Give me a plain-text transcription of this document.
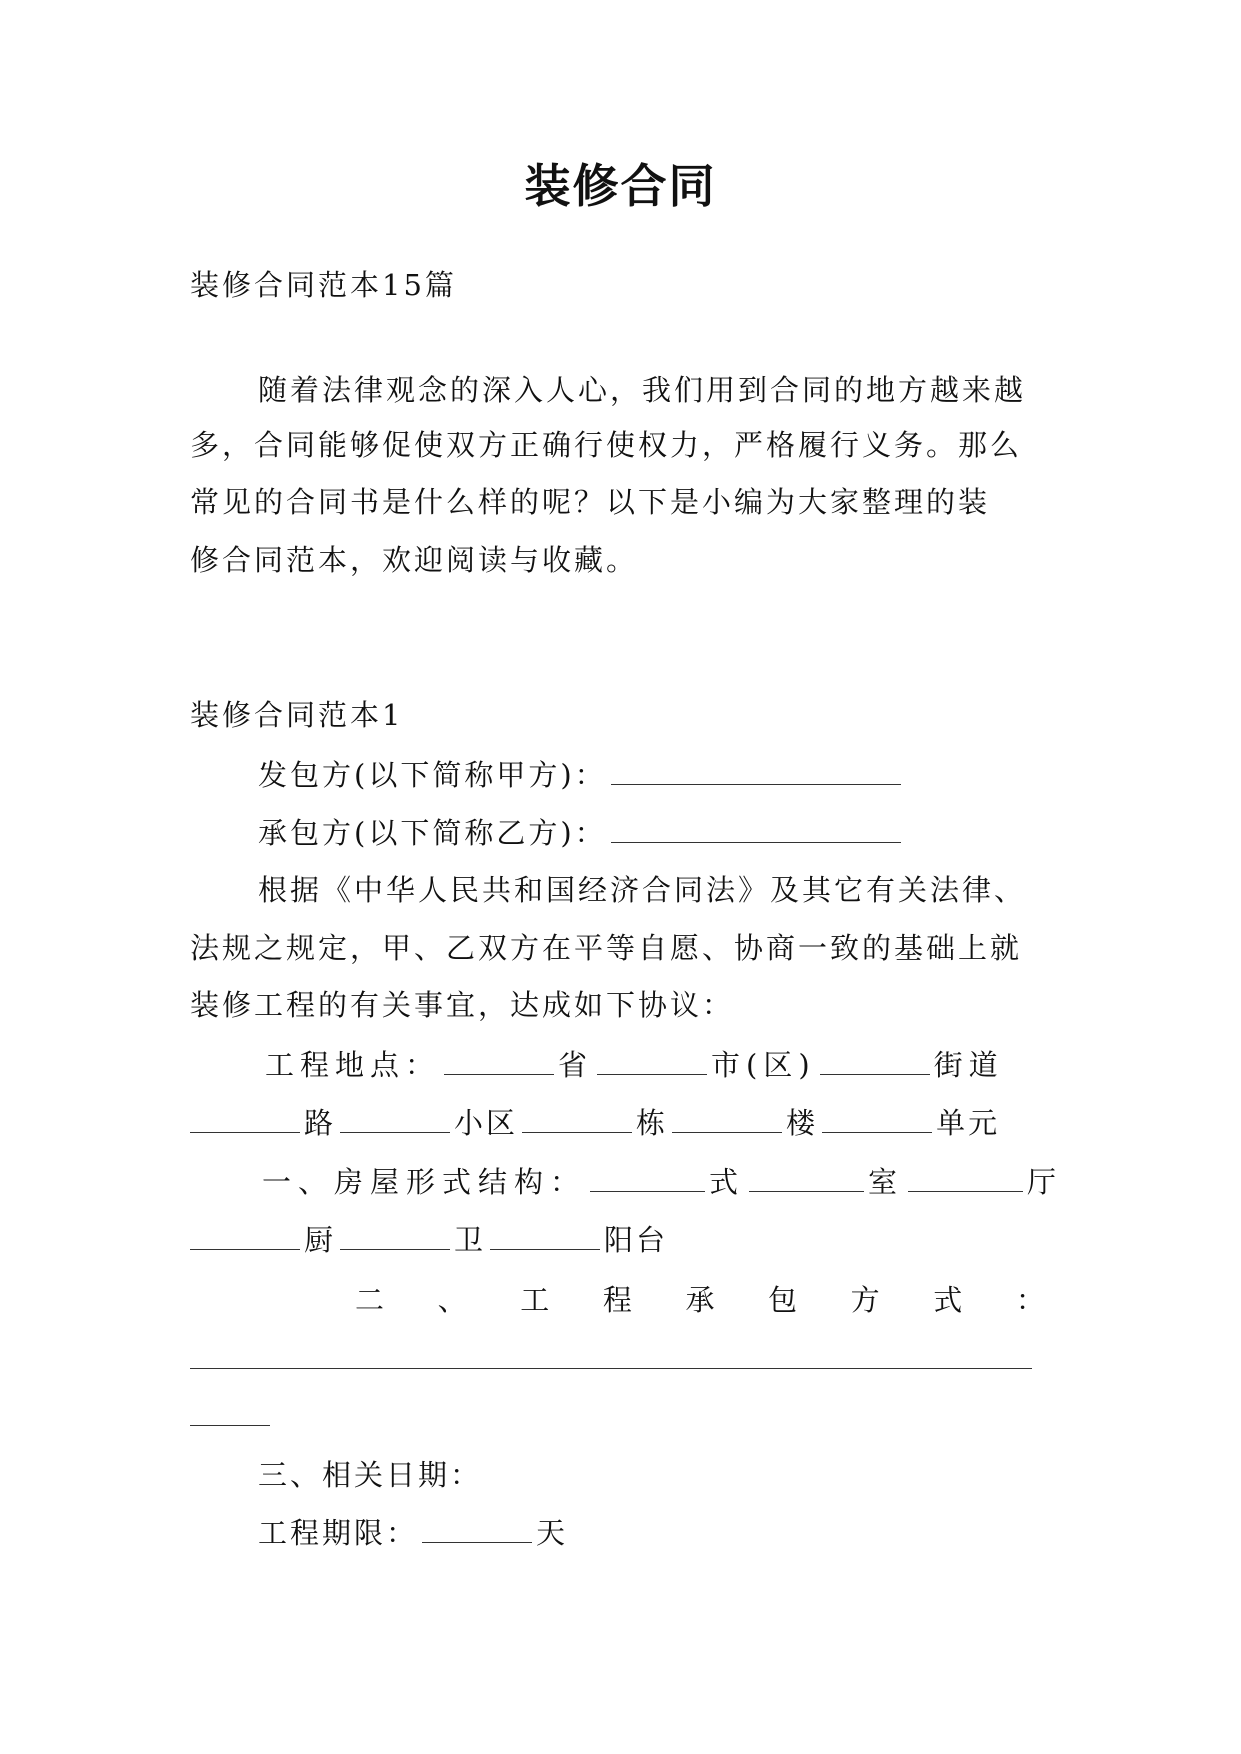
装修合同
装修合同范本15篇
随着法律观念的深入人心，我们用到合同的地方越来越
多，合同能够促使双方正确行使权力，严格履行义务。那么
常见的合同书是什么样的呢？以下是小编为大家整理的装
修合同范本，欢迎阅读与收藏。
装修合同范本1
发包方(以下简称甲方)：
承包方(以下简称乙方)：
根据《中华人民共和国经济合同法》及其它有关法律、
法规之规定，甲、乙双方在平等自愿、协商一致的基础上就
装修工程的有关事宜，达成如下协议：
工程地点：	省	市(区)	街道
路	小区	栋	楼	单元
一、房屋形式结构：	式	室	厅
厨	卫	阳台
二 、 工 程 承 包 方 式 ：
三、相关日期：
工程期限：	天
